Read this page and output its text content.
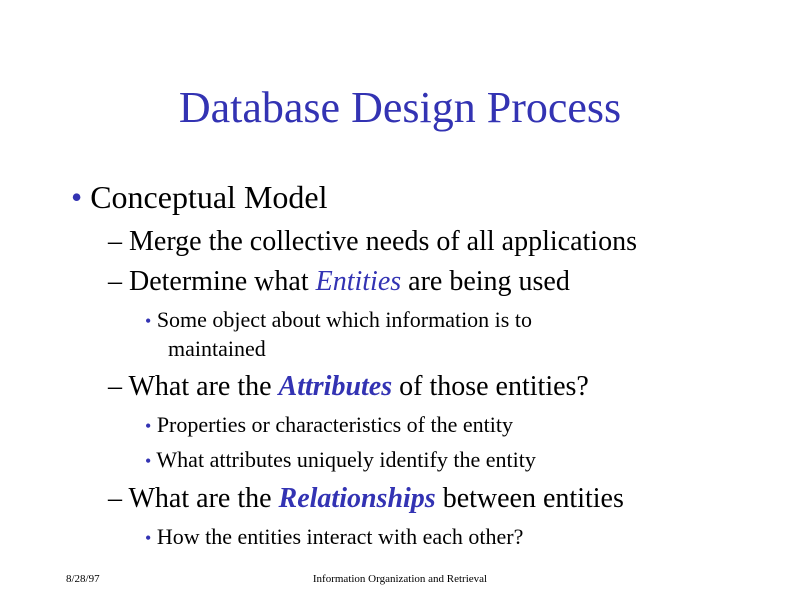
Database Design Process
• Conceptual Model
– Merge the collective needs of all applications
– Determine what Entities are being used
• Some object about which information is to
maintained
– What are the Attributes of those entities?
• Properties or characteristics of the entity
• What attributes uniquely identify the entity
– What are the Relationships between entities
• How the entities interact with each other?
8/28/97	Information Organization and Retrieval
